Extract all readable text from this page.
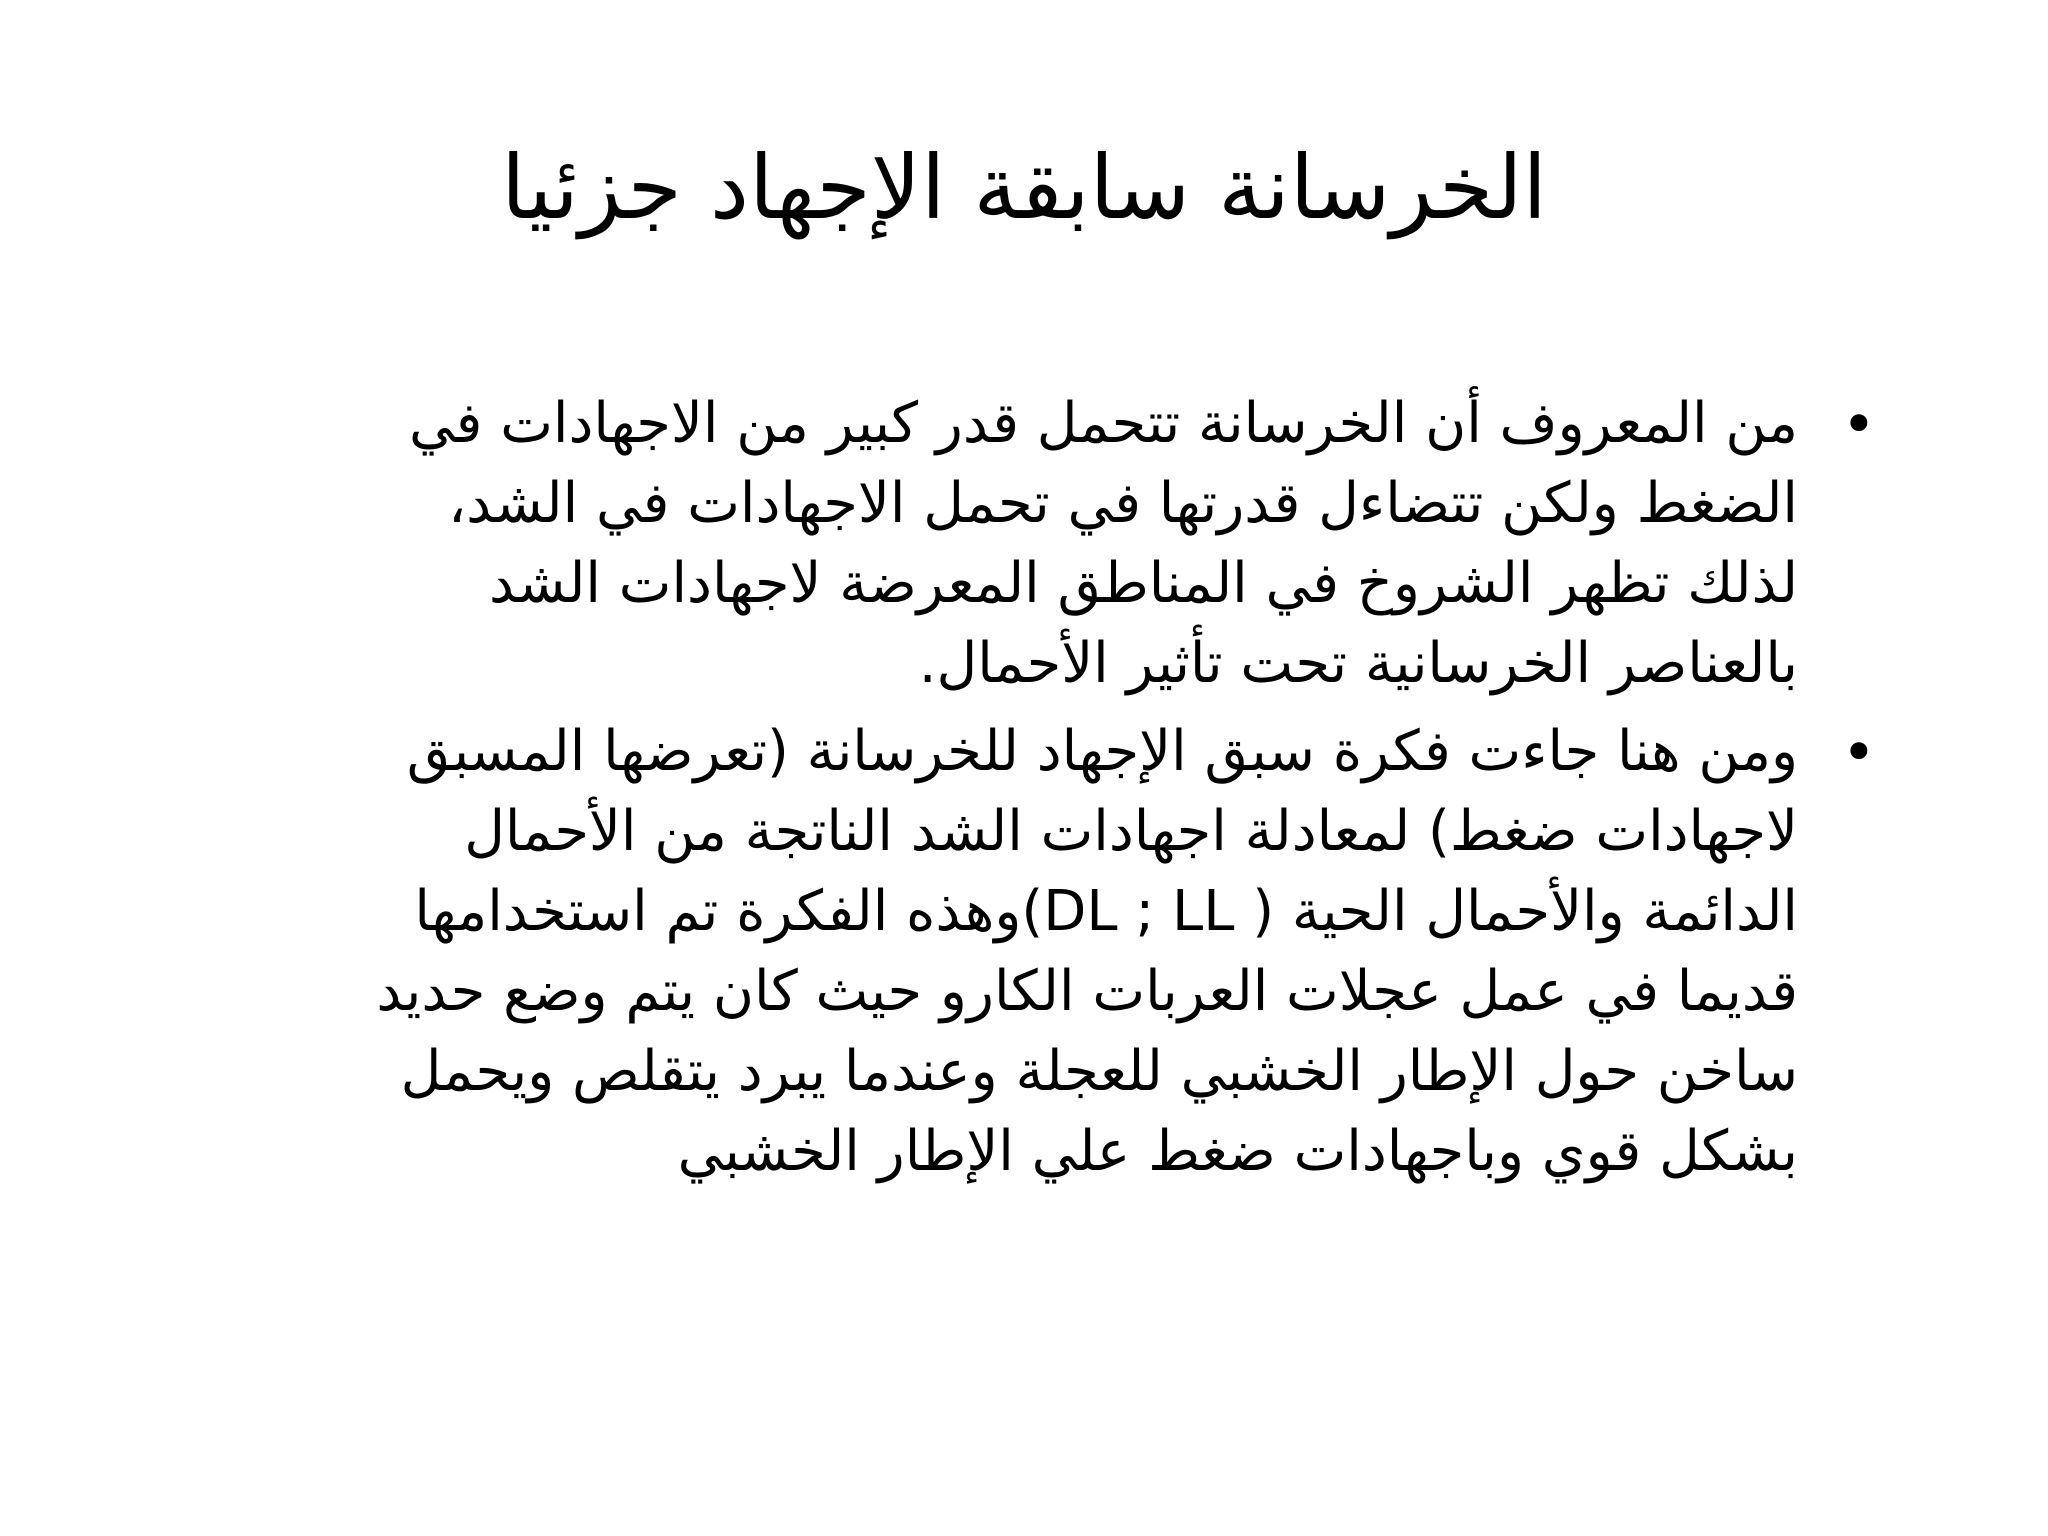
الخرسانة سابقة الإجهاد جزئيا
•
من المعروف أن الخرسانة تتحمل قدر كبير من الاجهادات في
الضغط ولكن تتضاءل قدرتها في تحمل الاجهادات في الشد،
لذلك تظهر الشروخ في المناطق المعرضة لاجهادات الشد
بالعناصر الخرسانية تحت تأثير الأحمال.
•
ومن هنا جاءت فكرة سبق الإجهاد للخرسانة (تعرضها المسبق
لاجهادات ضغط) لمعادلة اجهادات الشد الناتجة من الأحمال
الدائمة والأحمال الحية ( DL ; LL)وهذه الفكرة تم استخدامها
قديما في عمل عجلات العربات الكارو حيث كان يتم وضع حديد
ساخن حول الإطار الخشبي للعجلة وعندما يبرد يتقلص ويحمل
بشكل قوي وباجهادات ضغط علي الإطار الخشبي
